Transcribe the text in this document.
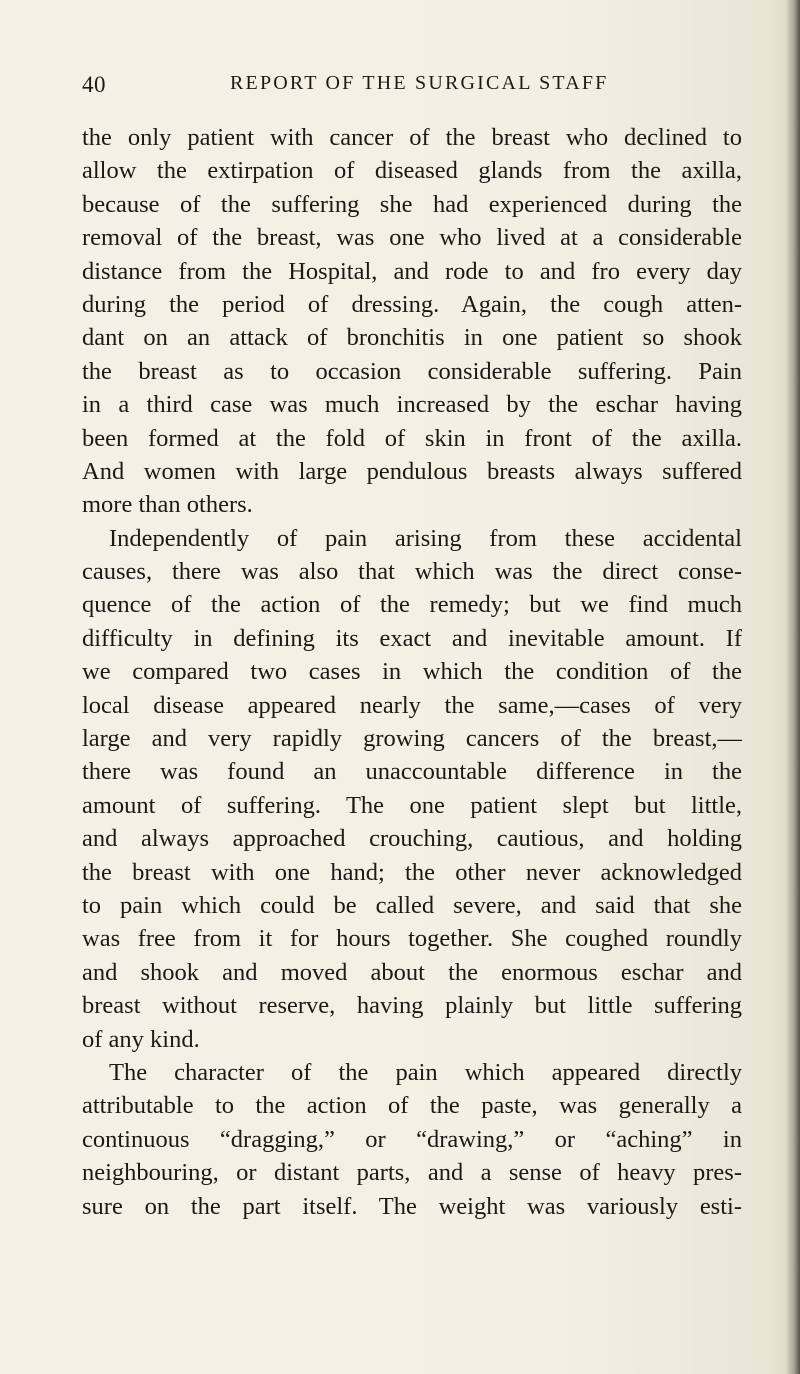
40	REPORT OF THE SURGICAL STAFF
the only patient with cancer of the breast who declined to
allow the extirpation of diseased glands from the axilla,
because of the suffering she had experienced during the
removal of the breast, was one who lived at a considerable
distance from the Hospital, and rode to and fro every day
during the period of dressing. Again, the cough atten-
dant on an attack of bronchitis in one patient so shook
the breast as to occasion considerable suffering. Pain
in a third case was much increased by the eschar having
been formed at the fold of skin in front of the axilla.
And women with large pendulous breasts always suffered
more than others.
Independently of pain arising from these accidental
causes, there was also that which was the direct conse-
quence of the action of the remedy; but we find much
difficulty in defining its exact and inevitable amount. If
we compared two cases in which the condition of the
local disease appeared nearly the same,—cases of very
large and very rapidly growing cancers of the breast,—
there was found an unaccountable difference in the
amount of suffering. The one patient slept but little,
and always approached crouching, cautious, and holding
the breast with one hand; the other never acknowledged
to pain which could be called severe, and said that she
was free from it for hours together. She coughed roundly
and shook and moved about the enormous eschar and
breast without reserve, having plainly but little suffering
of any kind.
The character of the pain which appeared directly
attributable to the action of the paste, was generally a
continuous “dragging,” or “drawing,” or “aching” in
neighbouring, or distant parts, and a sense of heavy pres-
sure on the part itself. The weight was variously esti-
